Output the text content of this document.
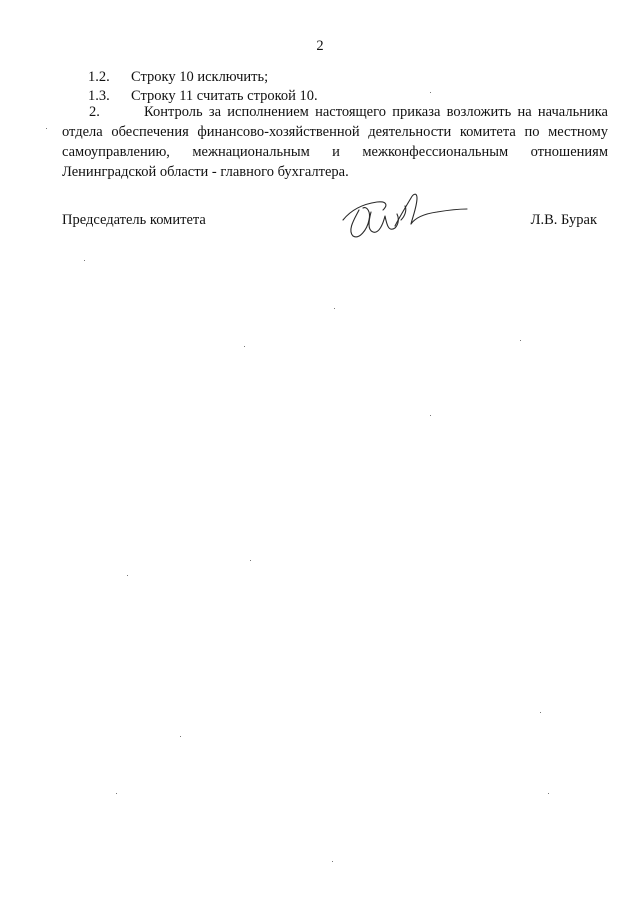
2
1.2. Строку 10 исключить;
1.3. Строку 11 считать строкой 10.
2.	Контроль за исполнением настоящего приказа возложить на начальника отдела обеспечения финансово-хозяйственной деятельности комитета по местному самоуправлению, межнациональным и межконфессиональным отношениям Ленинградской области - главного бухгалтера.
Председатель комитета	Л.В. Бурак
